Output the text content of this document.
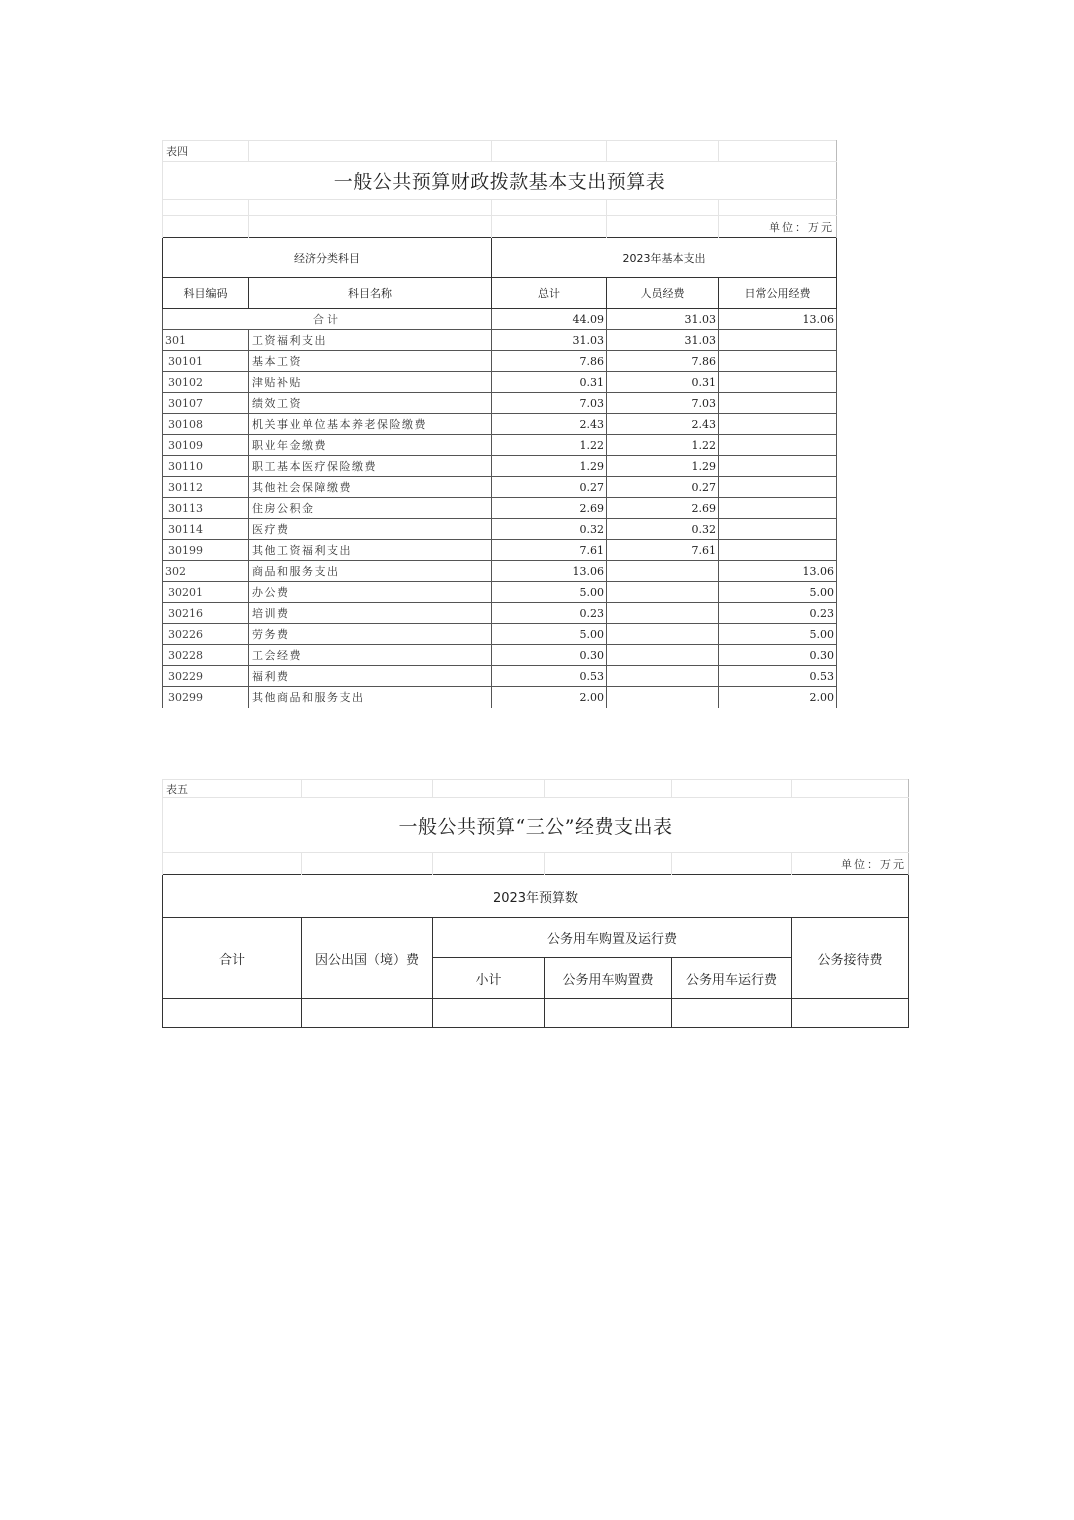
表四				
一般公共预算财政拨款基本支出预算表				

				单位：万元
经济分类科目		2023年基本支出		
科目编码	科目名称	总计	人员经费	日常公用经费
合计		44.09	31.03	13.06
301	工资福利支出	31.03	31.03	
30101	基本工资	7.86	7.86	
30102	津贴补贴	0.31	0.31	
30107	绩效工资	7.03	7.03	
30108	机关事业单位基本养老保险缴费	2.43	2.43	
30109	职业年金缴费	1.22	1.22	
30110	职工基本医疗保险缴费	1.29	1.29	
30112	其他社会保障缴费	0.27	0.27	
30113	住房公积金	2.69	2.69	
30114	医疗费	0.32	0.32	
30199	其他工资福利支出	7.61	7.61	
302	商品和服务支出	13.06		13.06
30201	办公费	5.00		5.00
30216	培训费	0.23		0.23
30226	劳务费	5.00		5.00
30228	工会经费	0.30		0.30
30229	福利费	0.53		0.53
30299	其他商品和服务支出	2.00		2.00
表五					
一般公共预算“三公”经费支出表					
					单位：万元
2023年预算数					
合计	因公出国（境）费	公务用车购置及运行费			公务接待费
		小计	公务用车购置费	公务用车运行费	
